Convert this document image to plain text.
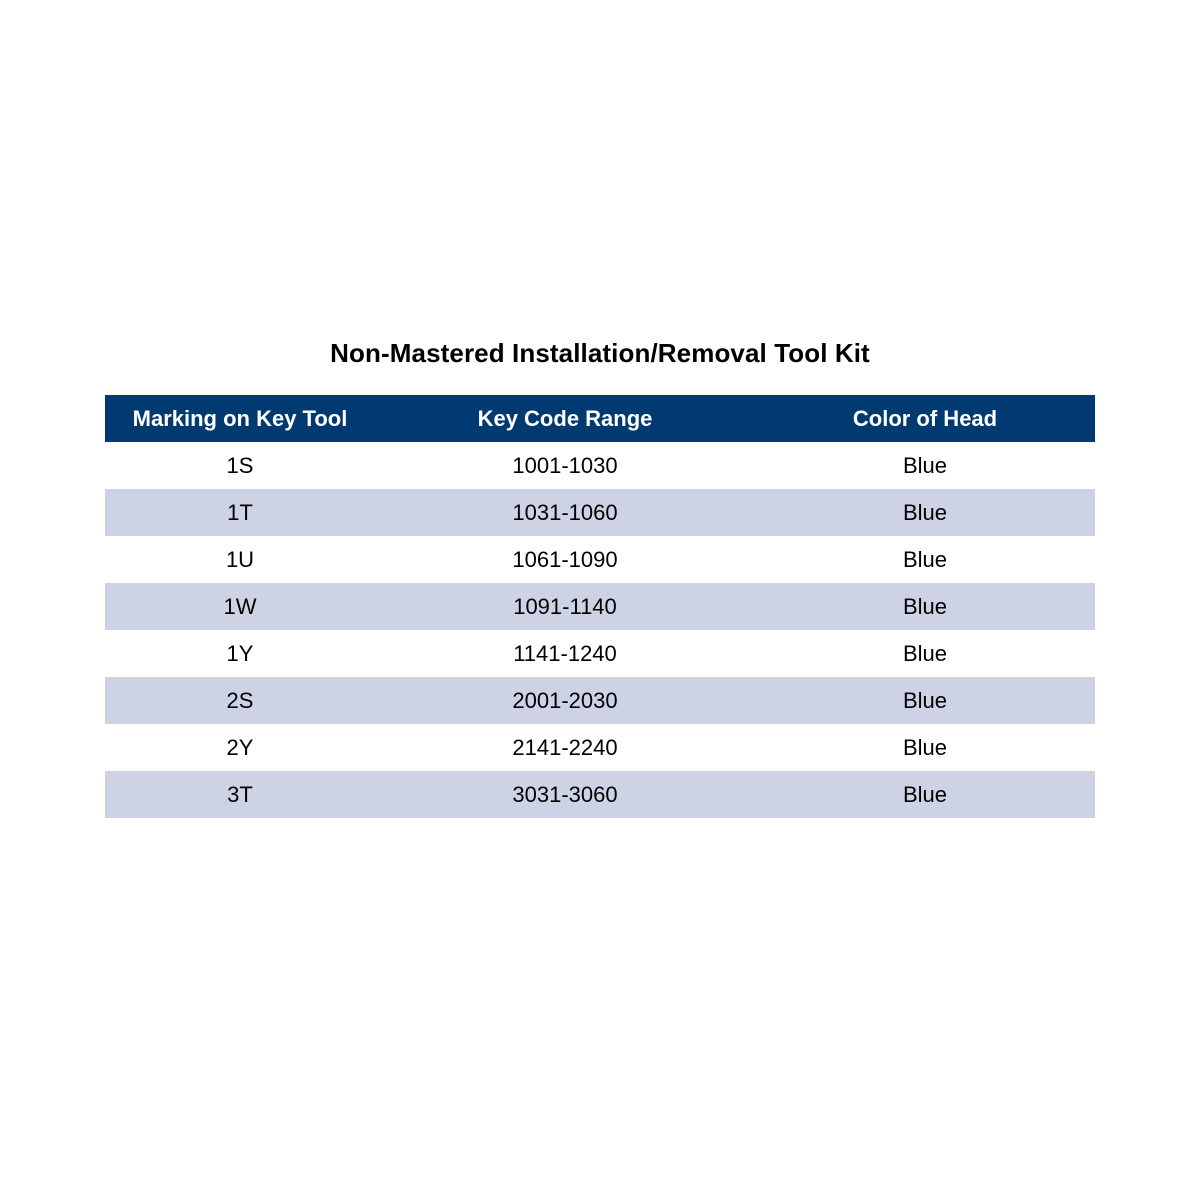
Non-Mastered Installation/Removal Tool Kit
Marking on Key Tool	Key Code Range	Color of Head
1S	1001-1030	Blue
1T	1031-1060	Blue
1U	1061-1090	Blue
1W	1091-1140	Blue
1Y	1141-1240	Blue
2S	2001-2030	Blue
2Y	2141-2240	Blue
3T	3031-3060	Blue
